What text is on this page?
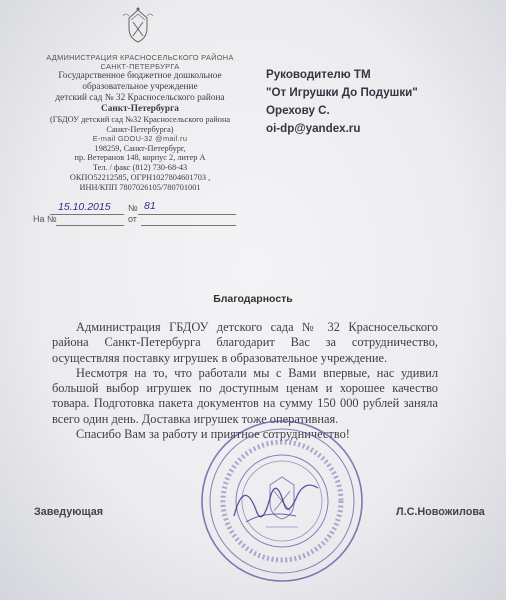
АДМИНИСТРАЦИЯ КРАСНОСЕЛЬСКОГО РАЙОНА
САНКТ-ПЕТЕРБУРГА
Государственное бюджетное дошкольное
образовательное учреждение
детский сад № 32 Красносельского района
Санкт-Петербурга
(ГБДОУ детский сад №32 Красносельского района
Санкт-Петербурга)
E-mail GDOU-32 @mail.ru
198259, Санкт-Петербург,
пр. Ветеранов 148, корпус 2, литер А
Тел. / факс (812) 730-68-43
ОКПО52212585, ОГРН1027804601703 ,
ИНН/КПП 7807026105/780701001
Руководителю ТМ
"От Игрушки До Подушки"
Орехову С.
oi-dp@yandex.ru
15.10.2015 № 81
На №	от
Благодарность

Администрация ГБДОУ детского сада № 32 Красносельского района Санкт-Петербурга благодарит Вас за сотрудничество, осуществляя поставку игрушек в образовательное учреждение.

Несмотря на то, что работали мы с Вами впервые, нас удивил большой выбор игрушек по доступным ценам и хорошее качество товара. Подготовка пакета документов на сумму 150 000 рублей заняла всего один день. Доставка игрушек тоже оперативная.

Спасибо Вам за работу и приятное сотрудничество!

Заведующая	Л.С.Новожилова
